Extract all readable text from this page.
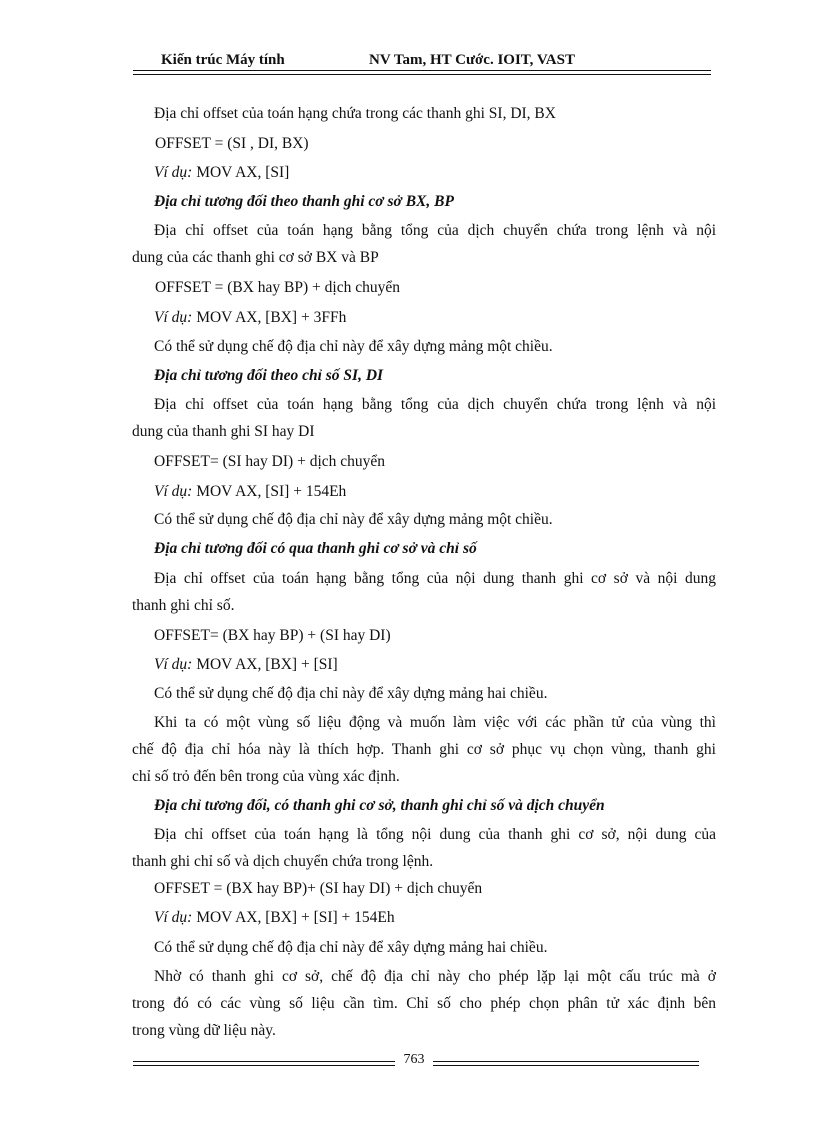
Kiến trúc Máy tính	NV Tam, HT Cước. IOIT, VAST
Địa chỉ offset của toán hạng chứa trong các thanh ghi SI, DI, BX
OFFSET = (SI , DI, BX)
Ví dụ: MOV AX, [SI]
Địa chỉ tương đối theo thanh ghi cơ sở BX, BP
Địa chỉ offset của toán hạng bằng tổng của dịch chuyển chứa trong lệnh và nội
dung của các thanh ghi cơ sở BX và BP
OFFSET = (BX hay BP) + dịch chuyển
Ví dụ: MOV AX, [BX] + 3FFh
Có thể sử dụng chế độ địa chỉ này để xây dựng mảng một chiều.
Địa chỉ tương đối theo chỉ số SI, DI
Địa chỉ offset của toán hạng bằng tổng của dịch chuyển chứa trong lệnh và nội
dung của thanh ghi SI hay DI
OFFSET= (SI hay DI) + dịch chuyển
Ví dụ: MOV AX, [SI] + 154Eh
Có thể sử dụng chế độ địa chỉ này để xây dựng mảng một chiều.
Địa chỉ tương đối có qua thanh ghi cơ sở và chỉ số
Địa chỉ offset của toán hạng bằng tổng của nội dung thanh ghi cơ sở và nội dung
thanh ghi chỉ số.
OFFSET= (BX hay BP) + (SI hay DI)
Ví dụ: MOV AX, [BX] + [SI]
Có thể sử dụng chế độ địa chỉ này để xây dựng mảng hai chiều.
Khi ta có một vùng số liệu động và muốn làm việc với các phần tử của vùng thì
chế độ địa chỉ hóa này là thích hợp. Thanh ghi cơ sở phục vụ chọn vùng, thanh ghi
chỉ số trỏ đến bên trong của vùng xác định.
Địa chỉ tương đối, có thanh ghi cơ sở, thanh ghi chỉ số và dịch chuyển
Địa chỉ offset của toán hạng là tổng nội dung của thanh ghi cơ sở, nội dung của
thanh ghi chỉ số và dịch chuyển chứa trong lệnh.
OFFSET = (BX hay BP)+ (SI hay DI) + dịch chuyển
Ví dụ: MOV AX, [BX] + [SI] + 154Eh
Có thể sử dụng chế độ địa chỉ này để xây dựng mảng hai chiều.
Nhờ có thanh ghi cơ sở, chế độ địa chỉ này cho phép lặp lại một cấu trúc mà ở
trong đó có các vùng số liệu cần tìm. Chỉ số cho phép chọn phân tử xác định bên
trong vùng dữ liệu này.
763
